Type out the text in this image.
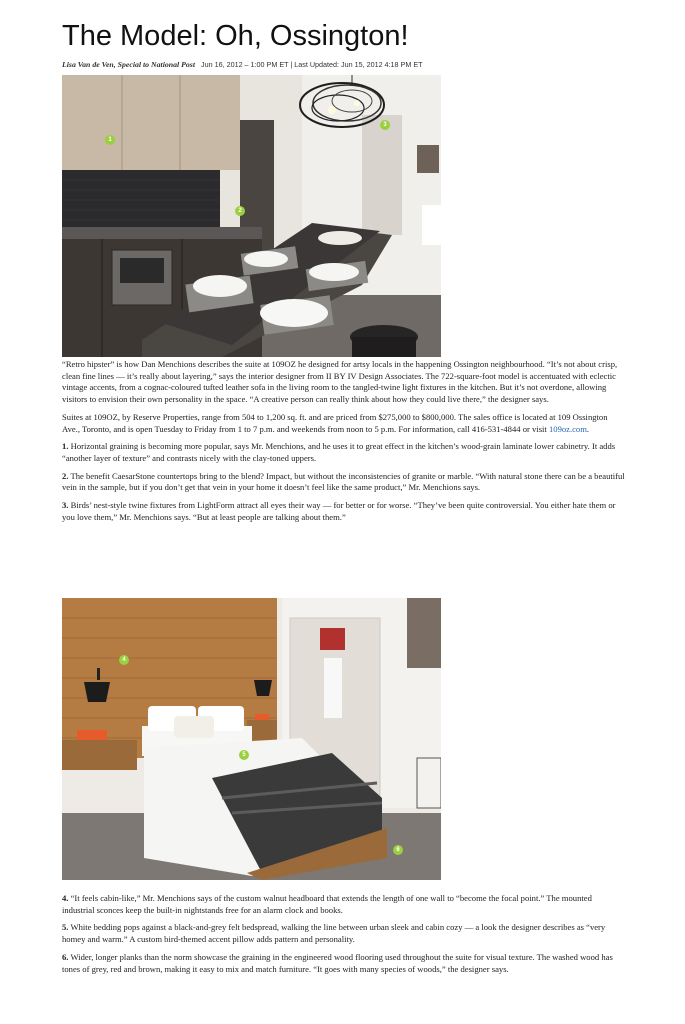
The Model: Oh, Ossington!
Lisa Van de Ven, Special to National Post Jun 16, 2012 – 1:00 PM ET | Last Updated: Jun 15, 2012 4:18 PM ET
1
2
3

“Retro hipster” is how Dan Menchions describes the suite at 109OZ he designed for artsy locals in the happening Ossington neighbourhood. “It’s not about crisp, clean fine lines — it’s really about layering,” says the interior designer from II BY IV Design Associates. The 722-square-foot model is accentuated with eclectic vintage accents, from a cognac-coloured tufted leather sofa in the living room to the tangled-twine light fixtures in the kitchen. But it’s not overdone, allowing visitors to envision their own personality in the space. “A creative person can really think about how they could live there,” the designer says.

Suites at 109OZ, by Reserve Properties, range from 504 to 1,200 sq. ft. and are priced from $275,000 to $800,000. The sales office is located at 109 Ossington Ave., Toronto, and is open Tuesday to Friday from 1 to 7 p.m. and weekends from noon to 5 p.m. For information, call 416-531-4844 or visit 109oz.com.

1. Horizontal graining is becoming more popular, says Mr. Menchions, and he uses it to great effect in the kitchen’s wood-grain laminate lower cabinetry. It adds “another layer of texture” and contrasts nicely with the clay-toned uppers.

2. The benefit CaesarStone countertops bring to the blend? Impact, but without the inconsistencies of granite or marble. “With natural stone there can be a beautiful vein in the sample, but if you don’t get that vein in your home it doesn’t feel like the same product,” Mr. Menchions says.

3. Birds’ nest-style twine fixtures from LightForm attract all eyes their way — for better or for worse. “They’ve been quite controversial. You either hate them or you love them,” Mr. Menchions says. “But at least people are talking about them.”

4
5
6

4. “It feels cabin-like,” Mr. Menchions says of the custom walnut headboard that extends the length of one wall to “become the focal point.” The mounted industrial sconces keep the built-in nightstands free for an alarm clock and books.

5. White bedding pops against a black-and-grey felt bedspread, walking the line between urban sleek and cabin cozy — a look the designer describes as “very homey and warm.” A custom bird-themed accent pillow adds pattern and personality.

6. Wider, longer planks than the norm showcase the graining in the engineered wood flooring used throughout the suite for visual texture. The washed wood has tones of grey, red and brown, making it easy to mix and match furniture. “It goes with many species of woods,” the designer says.
